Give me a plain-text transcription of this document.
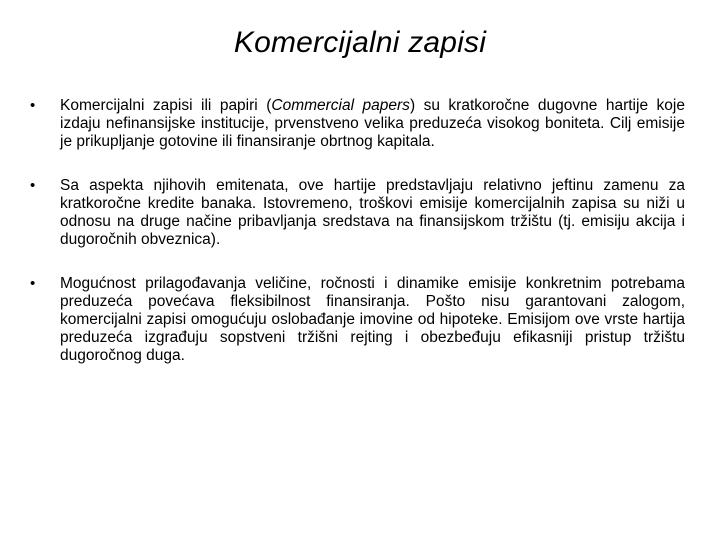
Komercijalni zapisi
•	Komercijalni zapisi ili papiri (Commercial papers) su kratkoročne dugovne hartije koje izdaju nefinansijske institucije, prvenstveno velika preduzeća visokog boniteta. Cilj emisije je prikupljanje gotovine ili finansiranje obrtnog kapitala.
•	Sa aspekta njihovih emitenata, ove hartije predstavljaju relativno jeftinu zamenu za kratkoročne kredite banaka. Istovremeno, troškovi emisije komercijalnih zapisa su niži u odnosu na druge načine pribavljanja sredstava na finansijskom tržištu (tj. emisiju akcija i dugoročnih obveznica).
•	Mogućnost prilagođavanja veličine, ročnosti i dinamike emisije konkretnim potrebama preduzeća povećava fleksibilnost finansiranja. Pošto nisu garantovani zalogom, komercijalni zapisi omogućuju oslobađanje imovine od hipoteke. Emisijom ove vrste hartija preduzeća izgrađuju sopstveni tržišni rejting i obezbeđuju efikasniji pristup tržištu dugoročnog duga.
